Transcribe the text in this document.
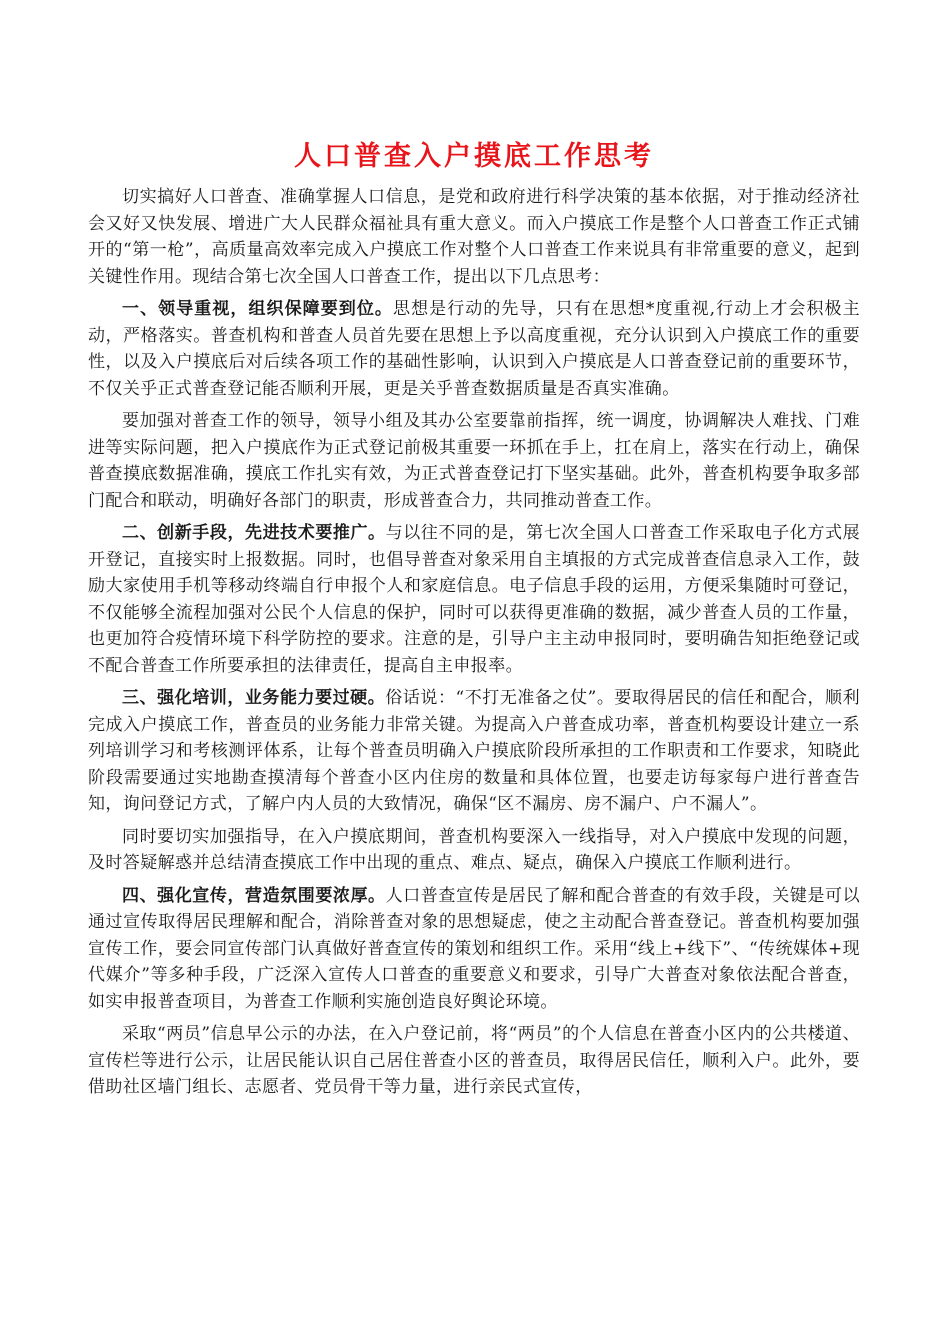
人口普查入户摸底工作思考

切实搞好人口普查、准确掌握人口信息，是党和政府进行科学决策的基本依据，对于推动经济社会又好又快发展、增进广大人民群众福祉具有重大意义。而入户摸底工作是整个人口普查工作正式铺开的“第一枪”，高质量高效率完成入户摸底工作对整个人口普查工作来说具有非常重要的意义，起到关键性作用。现结合第七次全国人口普查工作，提出以下几点思考：

一、领导重视，组织保障要到位。思想是行动的先导，只有在思想*度重视,行动上才会积极主动，严格落实。普查机构和普查人员首先要在思想上予以高度重视，充分认识到入户摸底工作的重要性，以及入户摸底后对后续各项工作的基础性影响，认识到入户摸底是人口普查登记前的重要环节，不仅关乎正式普查登记能否顺利开展，更是关乎普查数据质量是否真实准确。

要加强对普查工作的领导，领导小组及其办公室要靠前指挥，统一调度，协调解决人难找、门难进等实际问题，把入户摸底作为正式登记前极其重要一环抓在手上，扛在肩上，落实在行动上，确保普查摸底数据准确，摸底工作扎实有效，为正式普查登记打下坚实基础。此外，普查机构要争取多部门配合和联动，明确好各部门的职责，形成普查合力，共同推动普查工作。

二、创新手段，先进技术要推广。与以往不同的是，第七次全国人口普查工作采取电子化方式展开登记，直接实时上报数据。同时，也倡导普查对象采用自主填报的方式完成普查信息录入工作，鼓励大家使用手机等移动终端自行申报个人和家庭信息。电子信息手段的运用，方便采集随时可登记，不仅能够全流程加强对公民个人信息的保护，同时可以获得更准确的数据，减少普查人员的工作量，也更加符合疫情环境下科学防控的要求。注意的是，引导户主主动申报同时，要明确告知拒绝登记或不配合普查工作所要承担的法律责任，提高自主申报率。

三、强化培训，业务能力要过硬。俗话说：“不打无准备之仗”。要取得居民的信任和配合，顺利完成入户摸底工作，普查员的业务能力非常关键。为提高入户普查成功率，普查机构要设计建立一系列培训学习和考核测评体系，让每个普查员明确入户摸底阶段所承担的工作职责和工作要求，知晓此阶段需要通过实地勘查摸清每个普查小区内住房的数量和具体位置，也要走访每家每户进行普查告知，询问登记方式，了解户内人员的大致情况，确保“区不漏房、房不漏户、户不漏人”。

同时要切实加强指导，在入户摸底期间，普查机构要深入一线指导，对入户摸底中发现的问题，及时答疑解惑并总结清查摸底工作中出现的重点、难点、疑点，确保入户摸底工作顺利进行。

四、强化宣传，营造氛围要浓厚。人口普查宣传是居民了解和配合普查的有效手段，关键是可以通过宣传取得居民理解和配合，消除普查对象的思想疑虑，使之主动配合普查登记。普查机构要加强宣传工作，要会同宣传部门认真做好普查宣传的策划和组织工作。采用“线上+线下”、“传统媒体+现代媒介”等多种手段，广泛深入宣传人口普查的重要意义和要求，引导广大普查对象依法配合普查，如实申报普查项目，为普查工作顺利实施创造良好舆论环境。

采取“两员”信息早公示的办法，在入户登记前，将“两员”的个人信息在普查小区内的公共楼道、宣传栏等进行公示，让居民能认识自己居住普查小区的普查员，取得居民信任，顺利入户。此外，要借助社区墙门组长、志愿者、党员骨干等力量，进行亲民式宣传，
